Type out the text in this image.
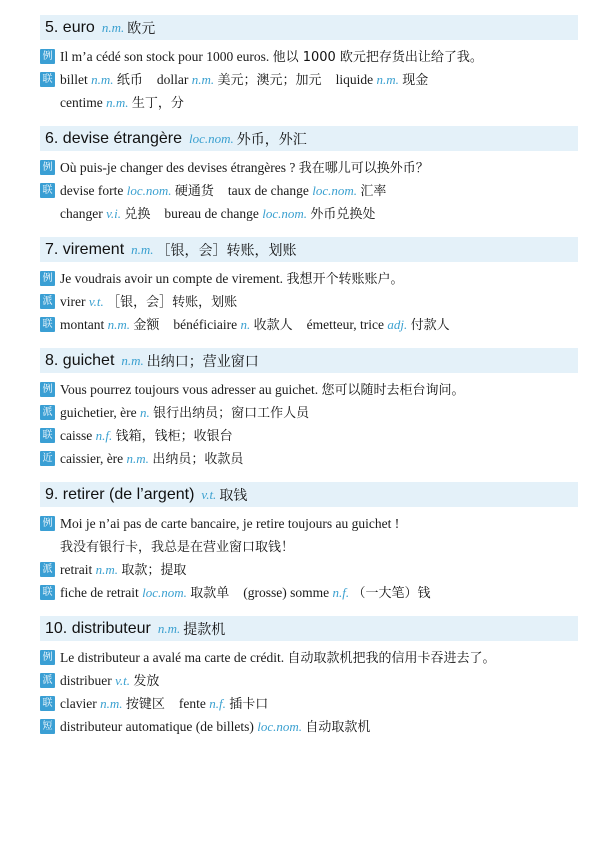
5. euro n.m. 欧元
例 Il m’a cédé son stock pour 1000 euros. 他以 1000 欧元把存货出让给了我。
联 billet n.m. 纸币 dollar n.m. 美元；澳元；加元 liquide n.m. 现金
centime n.m. 生丁，分
6. devise étrangère loc.nom. 外币，外汇
例 Où puis-je changer des devises étrangères ? 我在哪儿可以换外币？
联 devise forte loc.nom. 硬通货 taux de change loc.nom. 汇率
changer v.i. 兑换 bureau de change loc.nom. 外币兑换处
7. virement n.m. ［银，会］转账，划账
例 Je voudrais avoir un compte de virement. 我想开个转账账户。
派 virer v.t. ［银，会］转账，划账
联 montant n.m. 金额 bénéficiaire n. 收款人 émetteur, trice adj. 付款人
8. guichet n.m. 出纳口；营业窗口
例 Vous pourrez toujours vous adresser au guichet. 您可以随时去柜台询问。
派 guichetier, ère n. 银行出纳员；窗口工作人员
联 caisse n.f. 钱箱，钱柜；收银台
近 caissier, ère n.m. 出纳员；收款员
9. retirer (de l’argent) v.t. 取钱
例 Moi je n’ai pas de carte bancaire, je retire toujours au guichet !
我没有银行卡，我总是在营业窗口取钱！
派 retrait n.m. 取款；提取
联 fiche de retrait loc.nom. 取款单 (grosse) somme n.f. （一大笔）钱
10. distributeur n.m. 提款机
例 Le distributeur a avalé ma carte de crédit. 自动取款机把我的信用卡吞进去了。
派 distribuer v.t. 发放
联 clavier n.m. 按键区 fente n.f. 插卡口
短 distributeur automatique (de billets) loc.nom. 自动取款机
